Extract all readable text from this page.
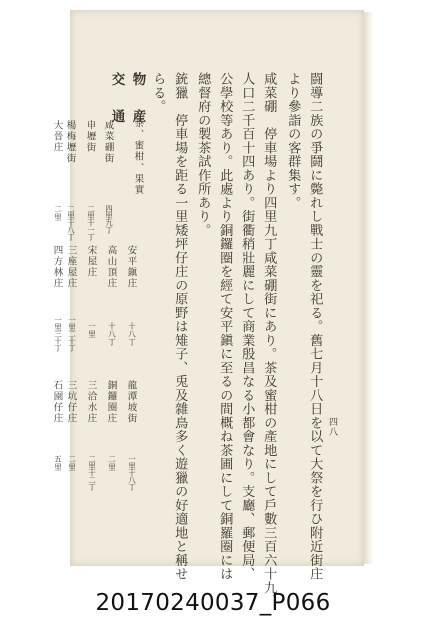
四八
闘導二族の爭鬪に斃れし戰士の靈を祀る。舊七月十八日を以て大祭を行ひ附近街庄
より參詣の客群集す。
咸菜硼　停車場より四里九丁咸菜硼街にあり。茶及蜜柑の產地にして戶數三百六十九、
人口二千百十四あり。街衢稍壯麗にして商業殷昌なる小都會なり。支廳、郵便局、
公學校等あり。此處より銅鑼圈を經て安平鎭に至るの間概ね茶圃にして銅羅圈には
總督府の製茶試作所あり。
銃獵　停車場を距る一里矮坪仔庄の原野は雉子、兎及雜鳥多く遊獵の好適地と稱せ
らる。
物　産
茶、蜜柑、果實
交　通
咸菜硼街
四里九丁
申壢街
二里十一丁
楊梅壢街
二里十八丁
大晉庄
二里
安平鎭庄
十八丁
高山頂庄
十八丁
宋屋庄
一里
三座屋庄
一里二十丁
四方林庄
一里三十丁
龍潭坡街
一里十八丁
銅鑼圈庄
二里
三洽水庄
二里十二丁
三坑仔庄
二里
石園仔庄
五里
20170240037_P066
